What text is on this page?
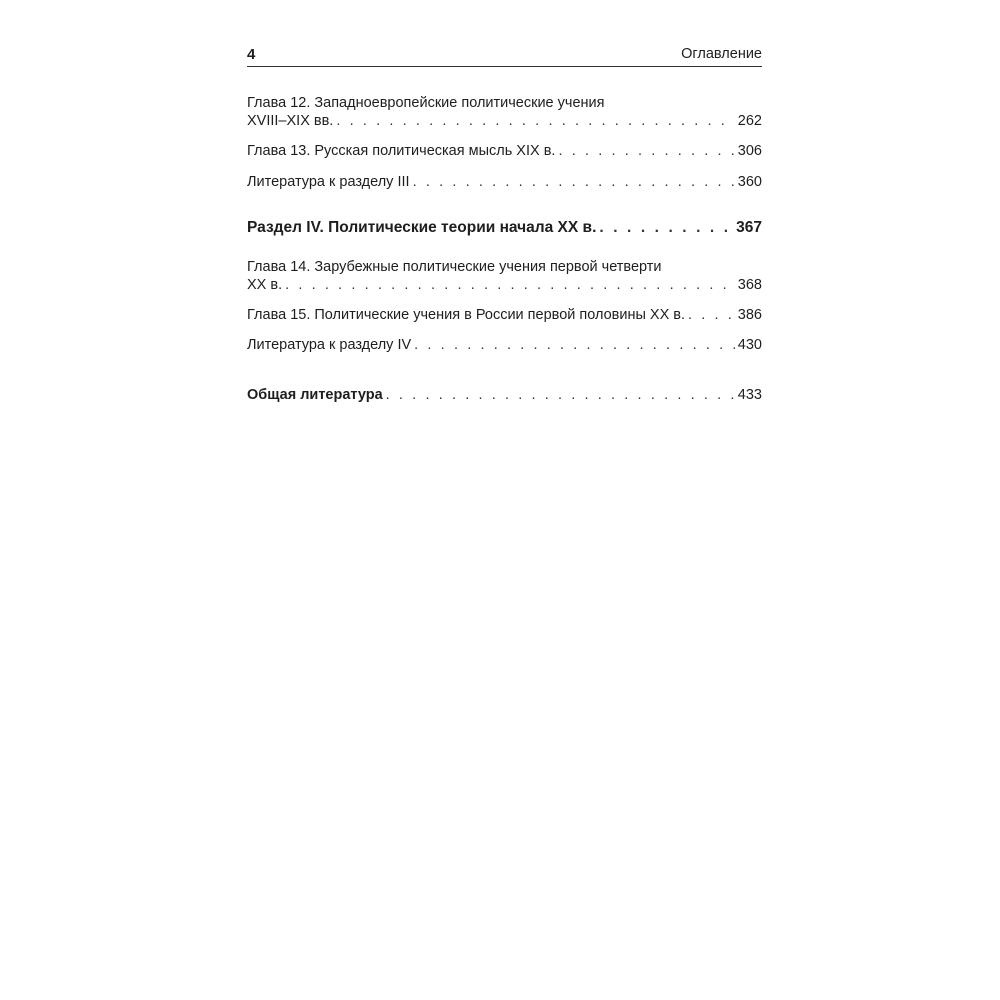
4	Оглавление
Глава 12. Западноевропейские политические учения
XVIII–XIX вв. . . .	262
Глава 13. Русская политическая мысль XIX в. . . .	306
Литература к разделу III . . .	360
Раздел IV. Политические теории начала XX в. . . .	367
Глава 14. Зарубежные политические учения первой четверти
XX в. . . .	368
Глава 15. Политические учения в России первой половины XX в. . . .	386
Литература к разделу IV . . .	430
Общая литература . . .	433
